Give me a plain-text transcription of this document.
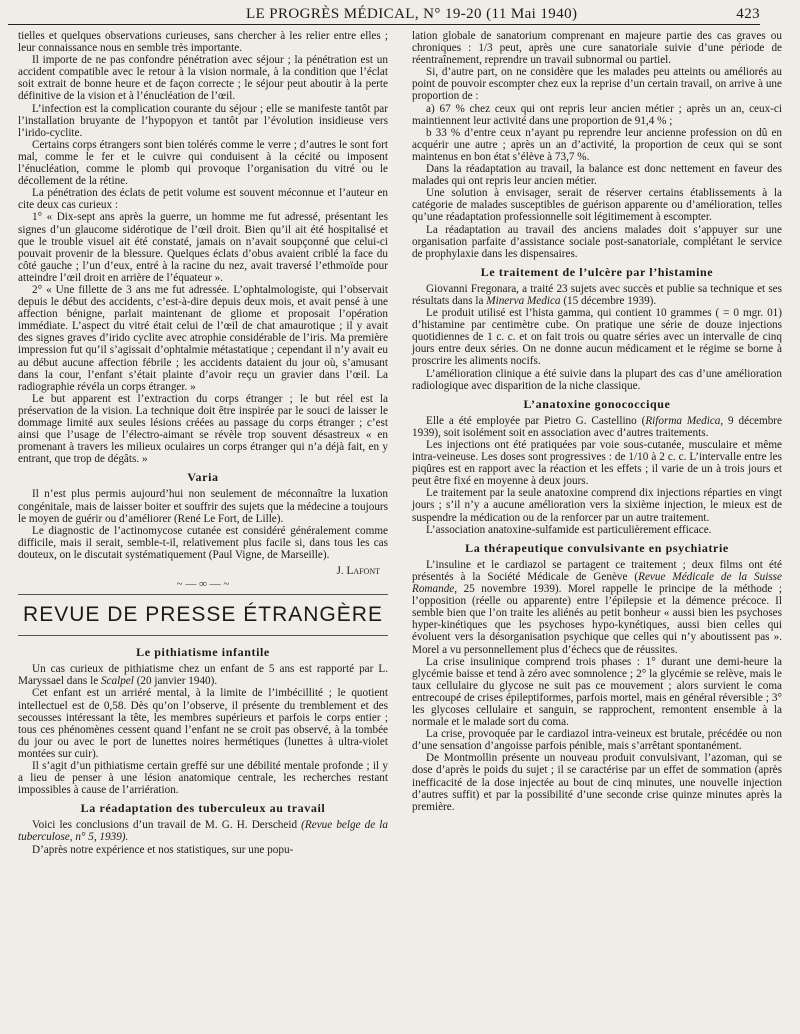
LE PROGRÈS MÉDICAL, N° 19-20 (11 Mai 1940)	423

tielles et quelques observations curieuses, sans chercher à les relier entre elles ; leur connaissance nous en semble très importante.

Il importe de ne pas confondre pénétration avec séjour ; la pénétration est un accident compatible avec le retour à la vision normale, à la condition que l’éclat soit extrait de bonne heure et de façon correcte ; le séjour peut aboutir à la perte définitive de la vision et à l’énucléation de l’œil.

L’infection est la complication courante du séjour ; elle se manifeste tantôt par l’installation bruyante de l’hypopyon et tantôt par l’évolution insidieuse vers l’irido-cyclite.

Certains corps étrangers sont bien tolérés comme le verre ; d’autres le sont fort mal, comme le fer et le cuivre qui conduisent à la cécité ou imposent l’énucléation, comme le plomb qui provoque l’organisation du vitré ou le décollement de la rétine.

La pénétration des éclats de petit volume est souvent méconnue et l’auteur en cite deux cas curieux :

1° « Dix-sept ans après la guerre, un homme me fut adressé, présentant les signes d’un glaucome sidérotique de l’œil droit. Bien qu’il ait été hospitalisé et que le trouble visuel ait été constaté, jamais on n’avait soupçonné que celui-ci pouvait provenir de la blessure. Quelques éclats d’obus avaient criblé la face du côté gauche ; l’un d’eux, entré à la racine du nez, avait traversé l’ethmoïde pour atteindre l’œil droit en arrière de l’équateur ».

2° « Une fillette de 3 ans me fut adressée. L’ophtalmologiste, qui l’observait depuis le début des accidents, c’est-à-dire depuis deux mois, et avait pensé à une affection bénigne, parlait maintenant de gliome et proposait l’opération immédiate. L’aspect du vitré était celui de l’œil de chat amaurotique ; il y avait des signes graves d’irido cyclite avec atrophie considérable de l’iris. Ma première impression fut qu’il s’agissait d’ophtalmie métastatique ; cependant il n’y avait eu au début aucune affection fébrile ; les accidents dataient du jour où, s’amusant dans la cour, l’enfant s’était plainte d’avoir reçu un gravier dans l’œil. La radiographie révéla un corps étranger. »

Le but apparent est l’extraction du corps étranger ; le but réel est la préservation de la vision. La technique doit être inspirée par le souci de laisser le dommage limité aux seules lésions créées au passage du corps étranger ; c’est ainsi que l’usage de l’électro-aimant se révèle trop souvent désastreux « en promenant à travers les milieux oculaires un corps étranger qui n’a déjà fait, en y entrant, que trop de dégâts. »

Varia

Il n’est plus permis aujourd’hui non seulement de méconnaître la luxation congénitale, mais de laisser boiter et souffrir des sujets que la médecine a toujours le moyen de guérir ou d’améliorer (René Le Fort, de Lille).

Le diagnostic de l’actinomycose cutanée est considéré généralement comme difficile, mais il serait, semble-t-il, relativement plus facile si, dans tous les cas douteux, on le discutait systématiquement (Paul Vigne, de Marseille).

J. Lafont
~ — ∞ — ~
REVUE DE PRESSE ÉTRANGÈRE
Le pithiatisme infantile

Un cas curieux de pithiatisme chez un enfant de 5 ans est rapporté par L. Maryssael dans le Scalpel (20 janvier 1940).

Cet enfant est un arriéré mental, à la limite de l’imbécillité ; le quotient intellectuel est de 0,58. Dès qu’on l’observe, il présente du tremblement et des secousses intéressant la tête, les membres supérieurs et parfois le corps entier ; tous ces phénomènes cessent quand l’enfant ne se croit pas observé, à la tombée du jour ou avec le port de lunettes noires hermétiques (lunettes à ultra-violet montées sur cuir).

Il s’agit d’un pithiatisme certain greffé sur une débilité mentale profonde ; il y a lieu de penser à une lésion anatomique centrale, les recherches restant impossibles à cause de l’arriération.

La réadaptation des tuberculeux au travail

Voici les conclusions d’un travail de M. G. H. Derscheid (Revue belge de la tuberculose, n° 5, 1939).

D’après notre expérience et nos statistiques, sur une popu-

lation globale de sanatorium comprenant en majeure partie des cas graves ou chroniques : 1/3 peut, après une cure sanatoriale suivie d’une période de réentraînement, reprendre un travail subnormal ou partiel.

Si, d’autre part, on ne considère que les malades peu atteints ou améliorés au point de pouvoir escompter chez eux la reprise d’un certain travail, on arrive à une proportion de :

a) 67 % chez ceux qui ont repris leur ancien métier ; après un an, ceux-ci maintiennent leur activité dans une proportion de 91,4 % ;

b 33 % d’entre ceux n’ayant pu reprendre leur ancienne profession on dû en acquérir une autre ; après un an d’activité, la proportion de ceux qui se sont maintenus en bon état s’élève à 73,7 %.

Dans la réadaptation au travail, la balance est donc nettement en faveur des malades qui ont repris leur ancien métier.

Une solution à envisager, serait de réserver certains établissements à la catégorie de malades susceptibles de guérison apparente ou d’amélioration, telles qu’une réadaptation professionnelle soit légitimement à escompter.

La réadaptation au travail des anciens malades doit s’appuyer sur une organisation parfaite d’assistance sociale post-sanatoriale, complétant le service de prophylaxie dans les dispensaires.

Le traitement de l’ulcère par l’histamine

Giovanni Fregonara, a traité 23 sujets avec succès et publie sa technique et ses résultats dans la Minerva Medica (15 décembre 1939).

Le produit utilisé est l’hista gamma, qui contient 10 grammes ( = 0 mgr. 01) d’histamine par centimètre cube. On pratique une série de douze injections quotidiennes de 1 c. c. et on fait trois ou quatre séries avec un intervalle de cinq jours entre deux séries. On ne donne aucun médicament et le régime se borne à proscrire les aliments nocifs.

L’amélioration clinique a été suivie dans la plupart des cas d’une amélioration radiologique avec disparition de la niche classique.

L’anatoxine gonococcique

Elle a été employée par Pietro G. Castellino (Riforma Medica, 9 décembre 1939), soit isolément soit en association avec d’autres traitements.

Les injections ont été pratiquées par voie sous-cutanée, musculaire et même intra-veineuse. Les doses sont progressives : de 1/10 à 2 c. c. L’intervalle entre les piqûres est en rapport avec la réaction et les effets ; il varie de un à trois jours et peut être fixé en moyenne à deux jours.

Le traitement par la seule anatoxine comprend dix injections réparties en vingt jours ; s’il n’y a aucune amélioration vers la sixième injection, le mieux est de suspendre la médication ou de la renforcer par un autre traitement.

L’association anatoxine-sulfamide est particulièrement efficace.

La thérapeutique convulsivante en psychiatrie

L’insuline et le cardiazol se partagent ce traitement ; deux films ont été présentés à la Société Médicale de Genève (Revue Médicale de la Suisse Romande, 25 novembre 1939). Morel rappelle le principe de la méthode ; l’opposition (réelle ou apparente) entre l’épilepsie et la démence précoce. Il semble bien que l’on traite les aliénés au petit bonheur « aussi bien les psychoses hyper-kinétiques que les psychoses hypo-kynétiques, aussi bien celles qui évoluent vers la désorganisation psychique que celles qui n’y aboutissent pas ». Morel a vu personnellement plus d’échecs que de réussites.

La crise insulinique comprend trois phases : 1° durant une demi-heure la glycémie baisse et tend à zéro avec somnolence ; 2° la glycémie se relève, mais le taux cellulaire du glycose ne suit pas ce mouvement ; alors survient le coma entrecoupé de crises épileptiformes, parfois mortel, mais en général réversible ; 3° les glycoses cellulaire et sanguin, se rapprochent, remontent ensemble à la normale et le malade sort du coma.

La crise, provoquée par le cardiazol intra-veineux est brutale, précédée ou non d’une sensation d’angoisse parfois pénible, mais s’arrêtant spontanément.

De Montmollin présente un nouveau produit convulsivant, l’azoman, qui se dose d’après le poids du sujet ; il se caractérise par un effet de sommation (après inefficacité de la dose injectée au bout de cinq minutes, une nouvelle injection d’autres suffit) et par la possibilité d’une seconde crise quinze minutes après la première.
